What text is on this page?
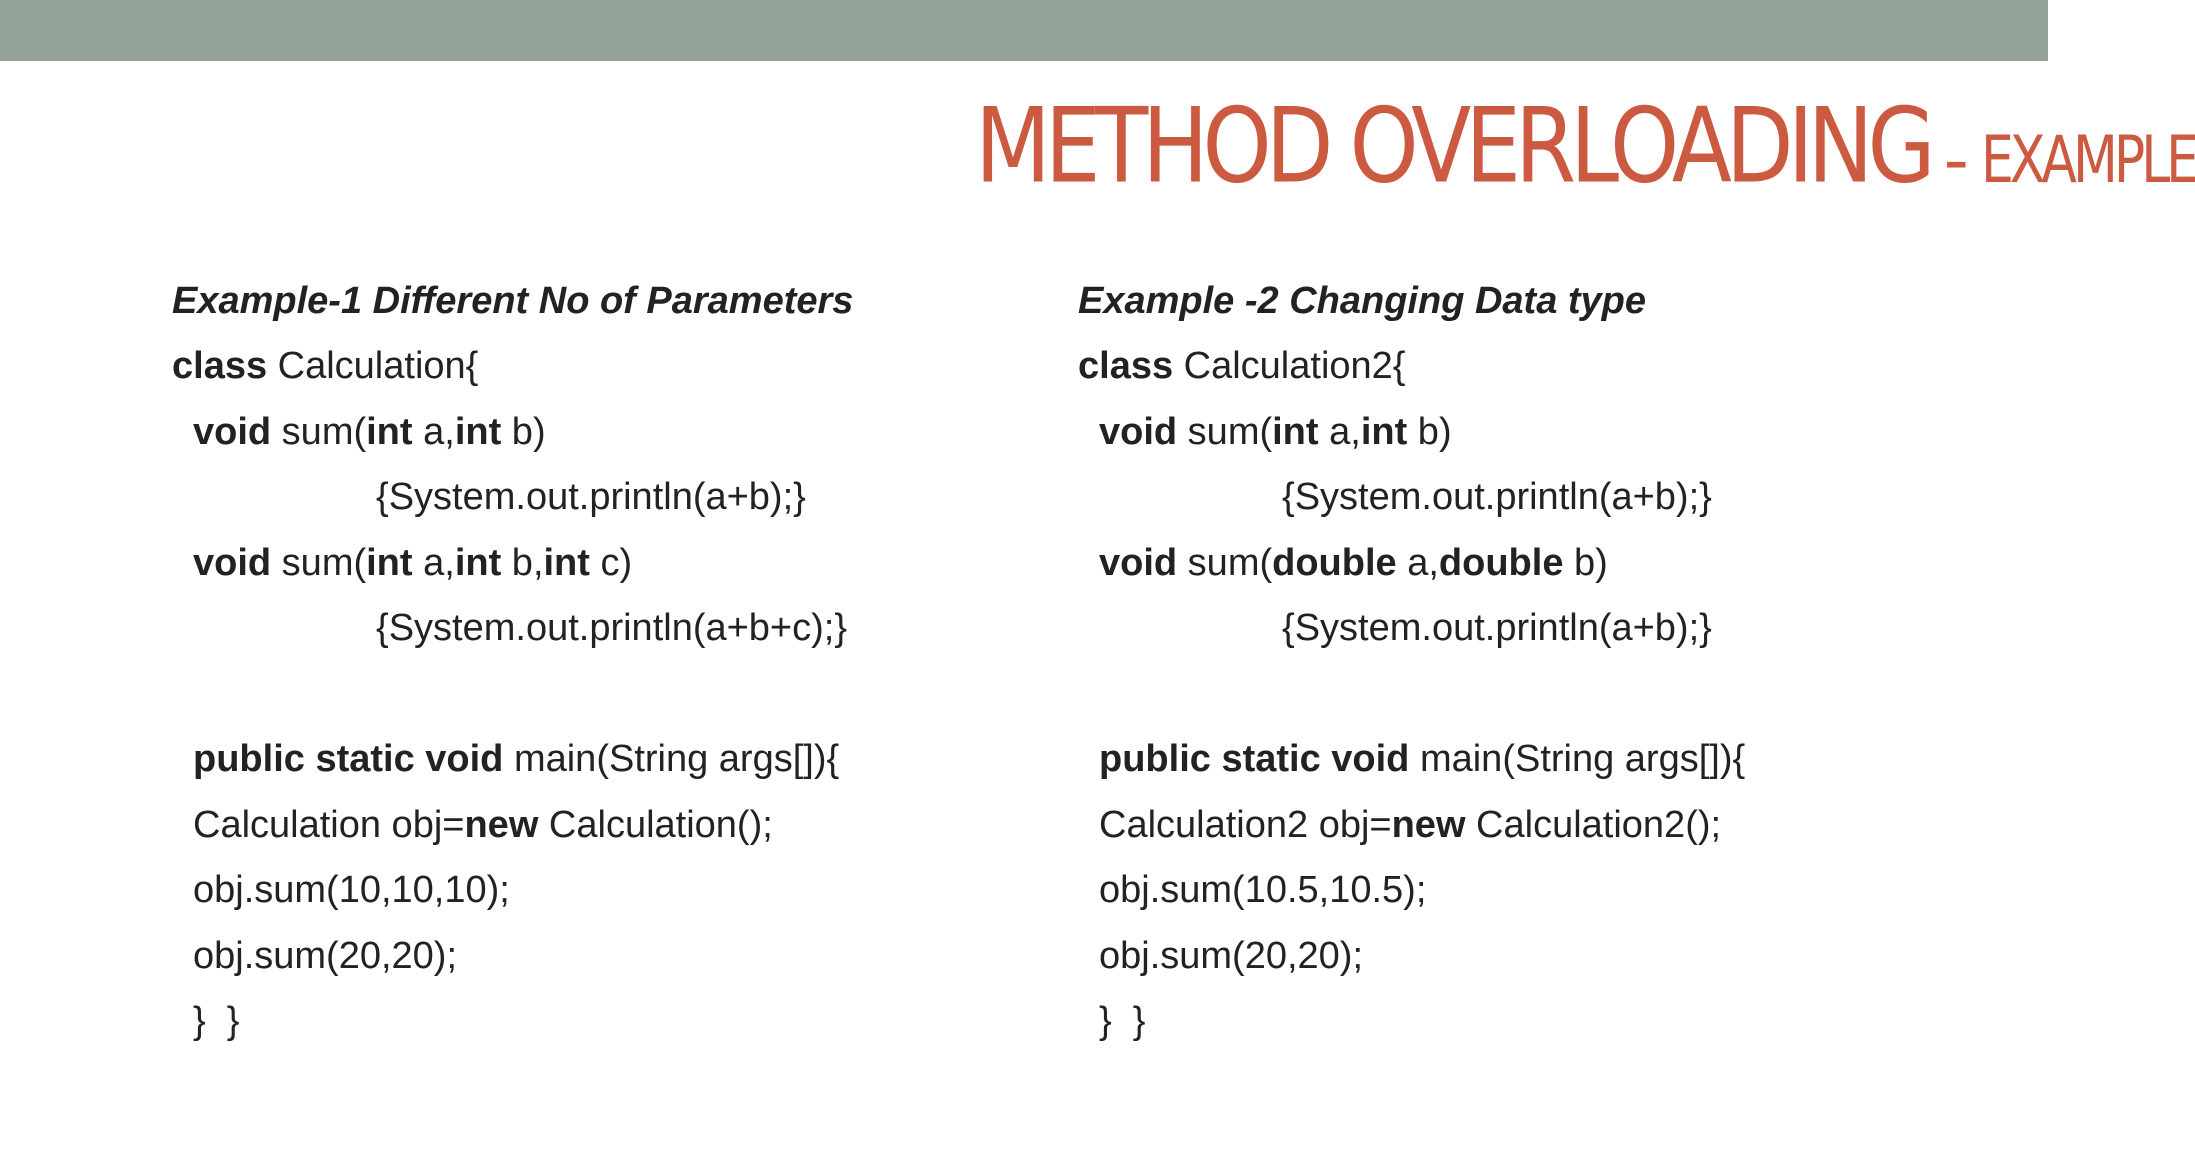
METHOD OVERLOADING - EXAMPLE
Example-1 Different No of Parameters
class Calculation{
void sum(int a,int b)
{System.out.println(a+b);}
void sum(int a,int b,int c)
{System.out.println(a+b+c);}
public static void main(String args[]){
Calculation obj=new Calculation();
obj.sum(10,10,10);
obj.sum(20,20);
}  }
Example -2 Changing Data type
class Calculation2{
void sum(int a,int b)
{System.out.println(a+b);}
void sum(double a,double b)
{System.out.println(a+b);}
public static void main(String args[]){
Calculation2 obj=new Calculation2();
obj.sum(10.5,10.5);
obj.sum(20,20);
}  }
